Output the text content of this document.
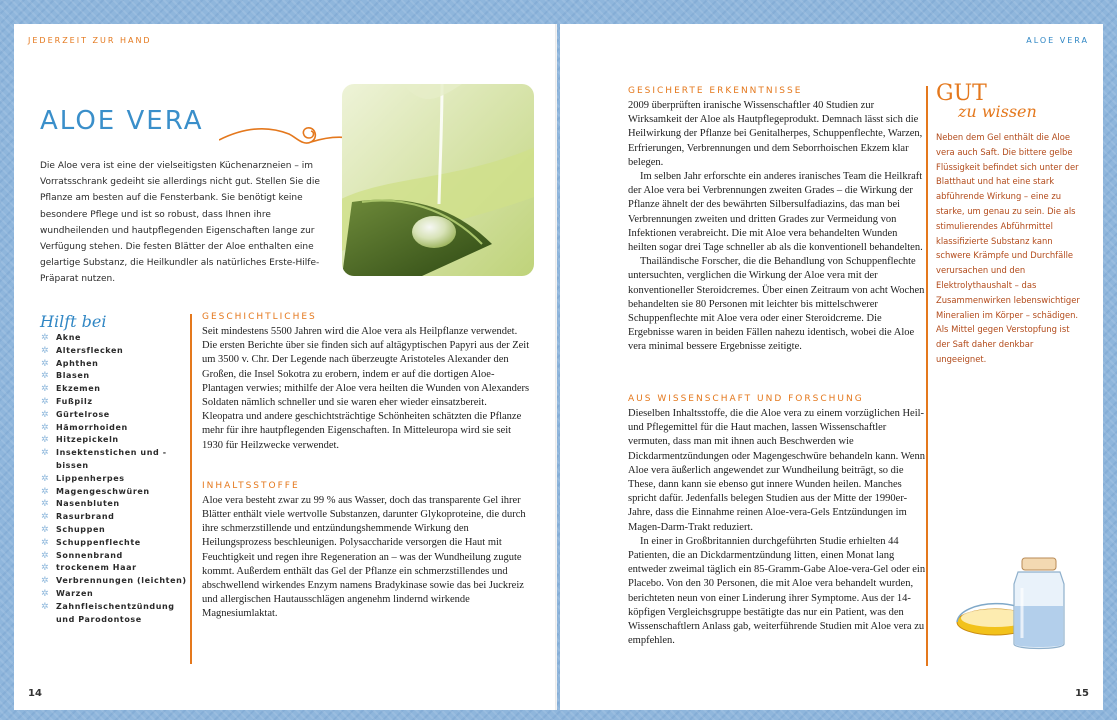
JEDERZEIT ZUR HAND
ALOE VERA
Die Aloe vera ist eine der vielseitigsten Küchenarzneien – im Vorratsschrank gedeiht sie allerdings nicht gut. Stellen Sie die Pflanze am besten auf die Fensterbank. Sie benötigt keine besondere Pflege und ist so robust, dass Ihnen ihre wundheilenden und hautpflegenden Eigenschaften lange zur Verfügung stehen. Die festen Blätter der Aloe enthalten eine gelartige Substanz, die Heilkundler als natürliches Erste-Hilfe-Präparat nutzen.
Hilft bei
✲ Akne
✲ Altersflecken
✲ Aphthen
✲ Blasen
✲ Ekzemen
✲ Fußpilz
✲ Gürtelrose
✲ Hämorrhoiden
✲ Hitzepickeln
✲ Insektenstichen und -bissen
✲ Lippenherpes
✲ Magengeschwüren
✲ Nasenbluten
✲ Rasurbrand
✲ Schuppen
✲ Schuppenflechte
✲ Sonnenbrand
✲ trockenem Haar
✲ Verbrennungen (leichten)
✲ Warzen
✲ Zahnfleischentzündung und Parodontose
GESCHICHTLICHES

Seit mindestens 5500 Jahren wird die Aloe vera als Heilpflanze verwendet. Die ersten Berichte über sie finden sich auf altägyptischen Papyri aus der Zeit um 3500 v. Chr. Der Legende nach überzeugte Aristoteles Alexander den Großen, die Insel Sokotra zu erobern, indem er auf die dortigen Aloe-Plantagen verwies; mithilfe der Aloe vera heilten die Wunden von Alexanders Soldaten nämlich schneller und sie waren eher wieder einsatzbereit. Kleopatra und andere geschichtsträchtige Schönheiten schätzten die Pflanze mehr für ihre hautpflegenden Eigenschaften. In Mitteleuropa wird sie seit 1930 für Heilzwecke verwendet.

INHALTSSTOFFE

Aloe vera besteht zwar zu 99 % aus Wasser, doch das transparente Gel ihrer Blätter enthält viele wertvolle Substanzen, darunter Glykoproteine, die durch ihre schmerzstillende und entzündungshemmende Wirkung den Heilungsprozess beschleunigen. Polysaccharide versorgen die Haut mit Feuchtigkeit und regen ihre Regeneration an – was der Wundheilung zugute kommt. Außerdem enthält das Gel der Pflanze ein schmerzstillendes und abschwellend wirkendes Enzym namens Bradykinase sowie das bei Juckreiz und allergischen Hautausschlägen angenehm lindernd wirkende Magnesiumlaktat.

14
ALOE VERA
GESICHERTE ERKENNTNISSE

2009 überprüften iranische Wissenschaftler 40 Studien zur Wirksamkeit der Aloe als Hautpflegeprodukt. Demnach lässt sich die Heilwirkung der Pflanze bei Genitalherpes, Schuppenflechte, Warzen, Erfrierungen, Verbrennungen und dem Seborrhoischen Ekzem klar belegen.

Im selben Jahr erforschte ein anderes iranisches Team die Heilkraft der Aloe vera bei Verbrennungen zweiten Grades – die Wirkung der Pflanze ähnelt der des bewährten Silbersulfadiazins, das man bei Verbrennungen zweiten und dritten Grades zur Vermeidung von Infektionen verabreicht. Die mit Aloe vera behandelten Wunden heilten sogar drei Tage schneller ab als die konventionell behandelten.

Thailändische Forscher, die die Behandlung von Schuppenflechte untersuchten, verglichen die Wirkung der Aloe vera mit der konventioneller Steroidcremes. Über einen Zeitraum von acht Wochen behandelten sie 80 Personen mit leichter bis mittelschwerer Schuppenflechte mit Aloe vera oder einer Steroidcreme. Die Ergebnisse waren in beiden Fällen nahezu identisch, wobei die Aloe vera minimal bessere Ergebnisse zeitigte.

AUS WISSENSCHAFT UND FORSCHUNG

Dieselben Inhaltsstoffe, die die Aloe vera zu einem vorzüglichen Heil- und Pflegemittel für die Haut machen, lassen Wissenschaftler vermuten, dass man mit ihnen auch Beschwerden wie Dickdarmentzündungen oder Magengeschwüre behandeln kann. Wenn Aloe vera äußerlich angewendet zur Wundheilung beiträgt, so die These, dann kann sie ebenso gut innere Wunden heilen. Manches spricht dafür. Jedenfalls belegen Studien aus der Mitte der 1990er-Jahre, dass die Einnahme reinen Aloe-vera-Gels Entzündungen im Magen-Darm-Trakt reduziert.

In einer in Großbritannien durchgeführten Studie erhielten 44 Patienten, die an Dickdarmentzündung litten, einen Monat lang entweder zweimal täglich ein 85-Gramm-Gabe Aloe-vera-Gel oder ein Placebo. Von den 30 Personen, die mit Aloe vera behandelt wurden, berichteten neun von einer Linderung ihrer Symptome. Aus der 14-köpfigen Vergleichsgruppe bestätigte das nur ein Patient, was den Wissenschaftlern Anlass gab, weiterführende Studien mit Aloe vera zu empfehlen.

GUT
zu wissen
Neben dem Gel enthält die Aloe vera auch Saft. Die bittere gelbe Flüssigkeit befindet sich unter der Blatthaut und hat eine stark abführende Wirkung – eine zu starke, um genau zu sein. Die als stimulierendes Abführmittel klassifizierte Substanz kann schwere Krämpfe und Durchfälle verursachen und den Elektrolythaushalt – das Zusammenwirken lebenswichtiger Mineralien im Körper – schädigen. Als Mittel gegen Verstopfung ist der Saft daher denkbar ungeeignet.
15
